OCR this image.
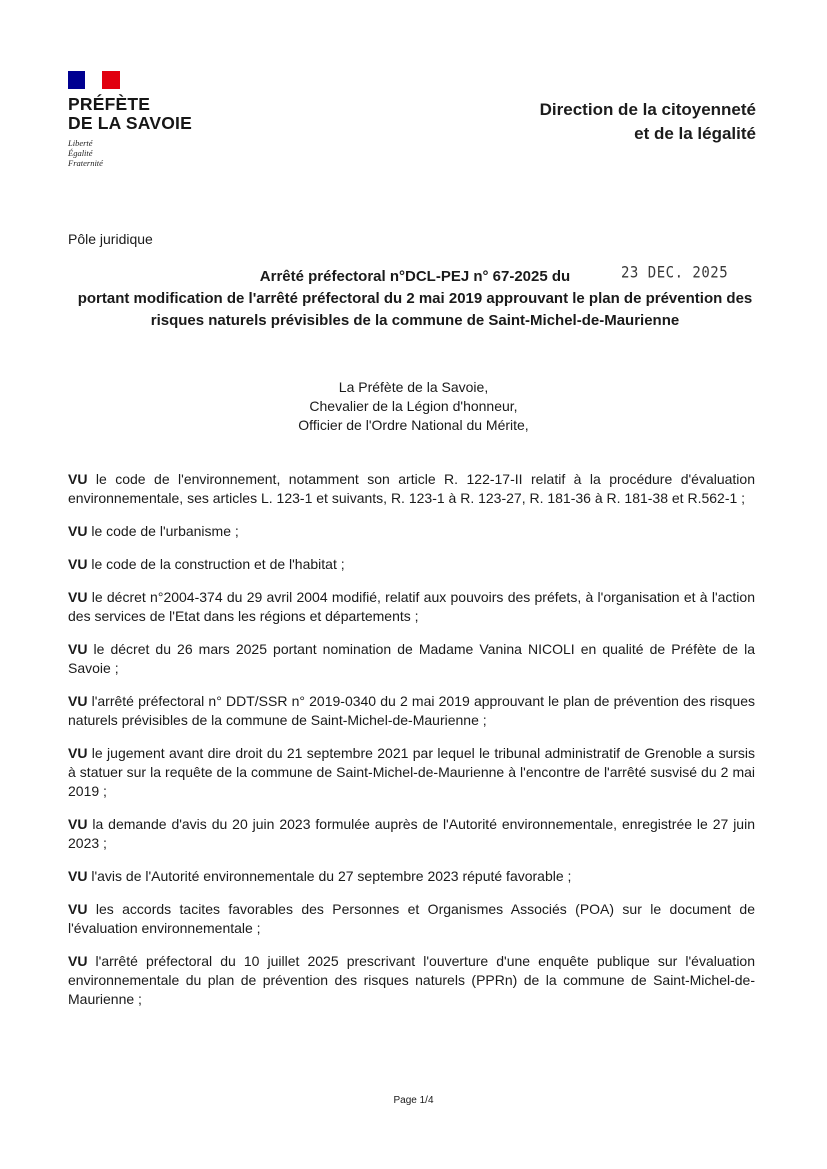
PRÉFÈTE
DE LA SAVOIE
Liberté
Égalité
Fraternité
Direction de la citoyenneté
et de la légalité
Pôle juridique
Arrêté préfectoral n°DCL-PEJ n° 67-2025 du
portant modification de l'arrêté préfectoral du 2 mai 2019 approuvant le plan de prévention des risques naturels prévisibles de la commune de Saint-Michel-de-Maurienne
23 DEC. 2025
La Préfète de la Savoie,
Chevalier de la Légion d'honneur,
Officier de l'Ordre National du Mérite,

VU le code de l'environnement, notamment son article R. 122-17-II relatif à la procédure d'évaluation environnementale, ses articles L. 123-1 et suivants, R. 123-1 à R. 123-27, R. 181-36 à R. 181-38 et R.562-1 ;

VU le code de l'urbanisme ;

VU le code de la construction et de l'habitat ;

VU le décret n°2004-374 du 29 avril 2004 modifié, relatif aux pouvoirs des préfets, à l'organisation et à l'action des services de l'Etat dans les régions et départements ;

VU le décret du 26 mars 2025 portant nomination de Madame Vanina NICOLI en qualité de Préfète de la Savoie ;

VU l'arrêté préfectoral n° DDT/SSR n° 2019-0340 du 2 mai 2019 approuvant le plan de prévention des risques naturels prévisibles de la commune de Saint-Michel-de-Maurienne ;

VU le jugement avant dire droit du 21 septembre 2021 par lequel le tribunal administratif de Grenoble a sursis à statuer sur la requête de la commune de Saint-Michel-de-Maurienne à l'encontre de l'arrêté susvisé du 2 mai 2019 ;

VU la demande d'avis du 20 juin 2023 formulée auprès de l'Autorité environnementale, enregistrée le 27 juin 2023 ;

VU l'avis de l'Autorité environnementale du 27 septembre 2023 réputé favorable ;

VU les accords tacites favorables des Personnes et Organismes Associés (POA) sur le document de l'évaluation environnementale ;

VU l'arrêté préfectoral du 10 juillet 2025 prescrivant l'ouverture d'une enquête publique sur l'évaluation environnementale du plan de prévention des risques naturels (PPRn) de la commune de Saint-Michel-de-Maurienne ;

Page 1/4
